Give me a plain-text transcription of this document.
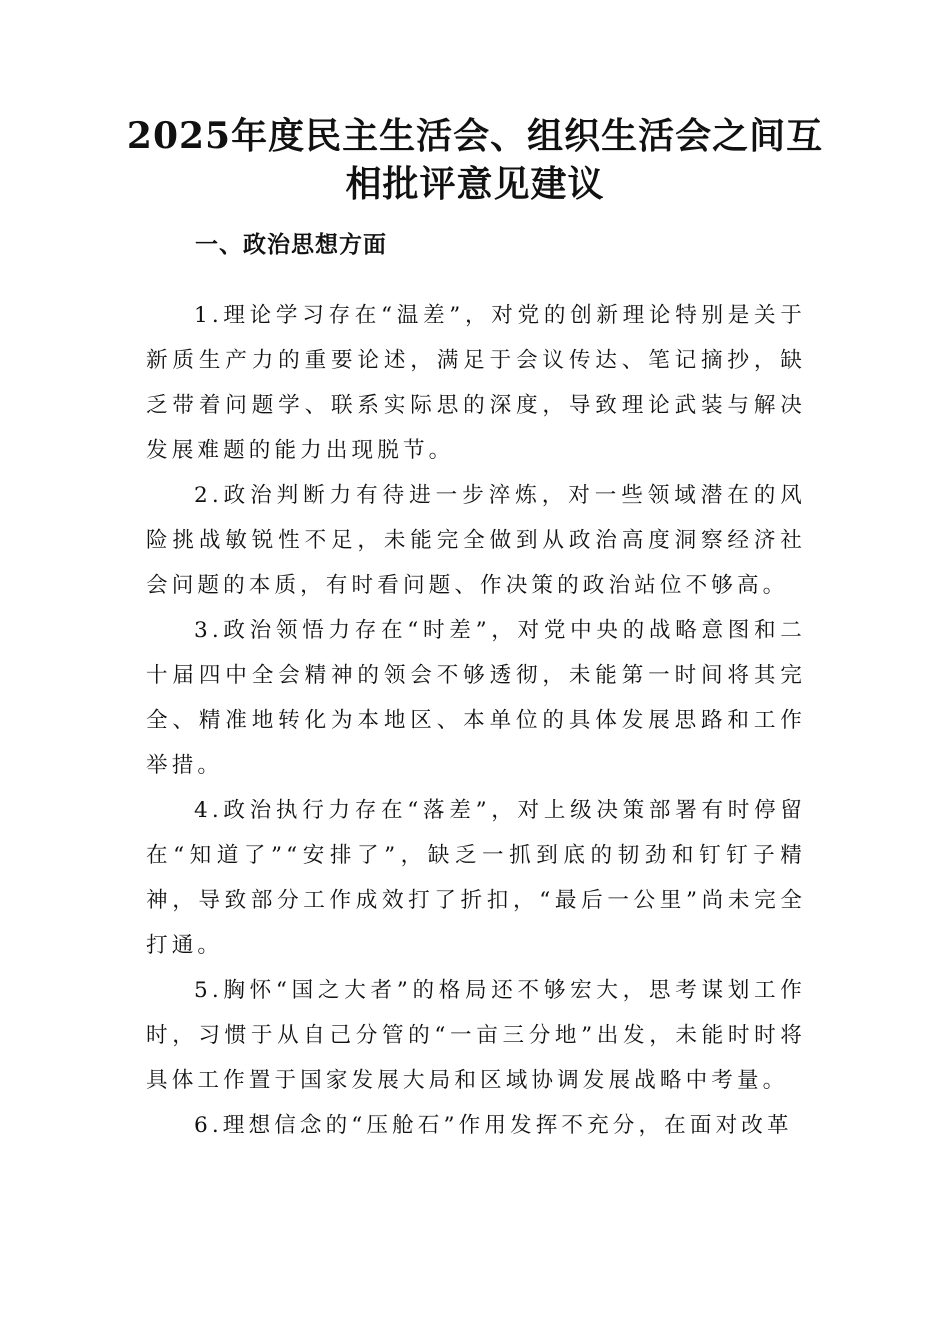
2025年度民主生活会、组织生活会之间互
相批评意见建议
一、政治思想方面

1.理论学习存在“温差”，对党的创新理论特别是关于新质生产力的重要论述，满足于会议传达、笔记摘抄，缺乏带着问题学、联系实际思的深度，导致理论武装与解决发展难题的能力出现脱节。

2.政治判断力有待进一步淬炼，对一些领域潜在的风险挑战敏锐性不足，未能完全做到从政治高度洞察经济社会问题的本质，有时看问题、作决策的政治站位不够高。

3.政治领悟力存在“时差”，对党中央的战略意图和二十届四中全会精神的领会不够透彻，未能第一时间将其完全、精准地转化为本地区、本单位的具体发展思路和工作举措。

4.政治执行力存在“落差”，对上级决策部署有时停留在“知道了”“安排了”，缺乏一抓到底的韧劲和钉钉子精神，导致部分工作成效打了折扣，“最后一公里”尚未完全打通。

5.胸怀“国之大者”的格局还不够宏大，思考谋划工作时，习惯于从自己分管的“一亩三分地”出发，未能时时将具体工作置于国家发展大局和区域协调发展战略中考量。

6.理想信念的“压舱石”作用发挥不充分，在面对改革
